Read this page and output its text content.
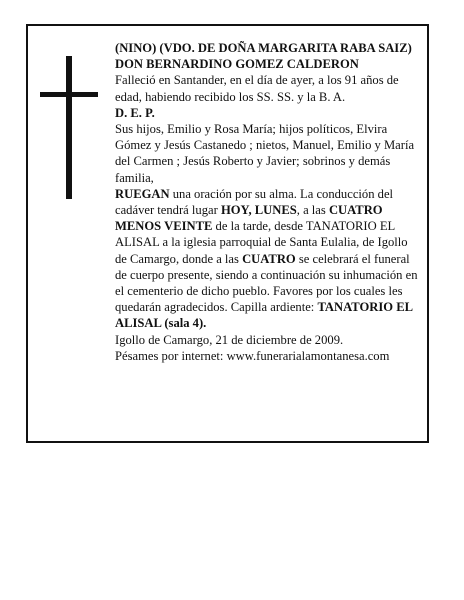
(NINO) (VDO. DE DOÑA MARGARITA RABA SAIZ)

DON BERNARDINO GOMEZ CALDERON

Falleció en Santander, en el día de ayer, a los 91 años de edad, habiendo recibido los SS. SS. y la B. A.

D. E. P.

Sus hijos, Emilio y Rosa María; hijos políticos, Elvira Gómez y Jesús Castanedo ; nietos, Manuel, Emilio y María del Carmen ; Jesús Roberto y Javier; sobrinos y demás familia,

RUEGAN una oración por su alma. La conducción del cadáver tendrá lugar HOY, LUNES, a las CUATRO MENOS VEINTE de la tarde, desde TANATORIO EL ALISAL a la iglesia parroquial de Santa Eulalia, de Igollo de Camargo, donde a las CUATRO se celebrará el funeral de cuerpo presente, siendo a continuación su inhumación en el cementerio de dicho pueblo. Favores por los cuales les quedarán agradecidos. Capilla ardiente: TANATORIO EL ALISAL (sala 4).

Igollo de Camargo, 21 de diciembre de 2009.

Pésames por internet: www.funerarialamontanesa.com
